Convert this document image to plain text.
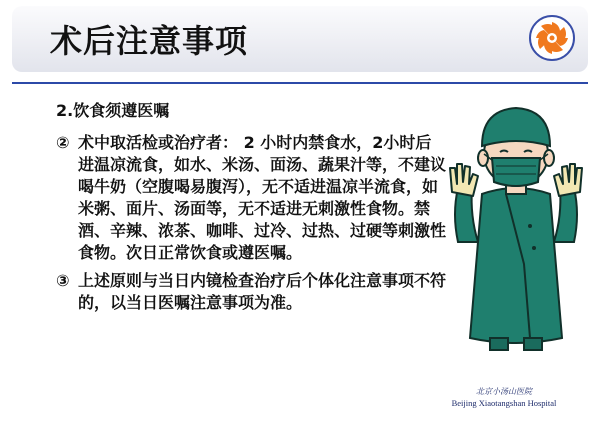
术后注意事项

2.饮食须遵医嘱

② 术中取活检或治疗者： 2 小时内禁食水，2小时后进温凉流食，如水、米汤、面汤、蔬果汁等，不建议喝牛奶（空腹喝易腹泻），无不适进温凉半流食，如米粥、面片、汤面等，无不适进无刺激性食物。禁酒、辛辣、浓茶、咖啡、过冷、过热、过硬等刺激性食物。次日正常饮食或遵医嘱。
③ 上述原则与当日内镜检查治疗后个体化注意事项不符的，以当日医嘱注意事项为准。
北京小汤山医院
Beijing Xiaotangshan Hospital
